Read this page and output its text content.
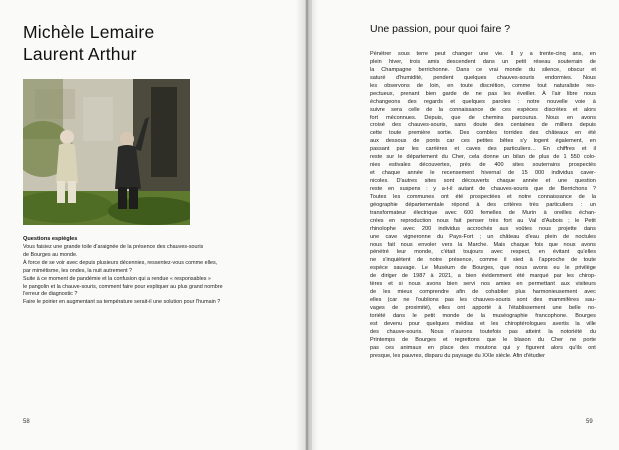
Michèle Lemaire
Laurent Arthur
Questions espiègles
Vous faisiez une grande toile d'araignée de la présence des chauves-souris
de Bourges au monde.
À force de se voir avec depuis plusieurs décennies, ressentez-vous comme elles,
par mimétisme, les ondes, la nuit autrement ?
Suite à ce moment de pandémie et la confusion qui a rendue « responsables »
le pangolin et la chauve-souris, comment faire pour expliquer au plus grand nombre
l'erreur de diagnostic ?
Faire le poirier en augmentant sa température serait-il une solution pour l'humain ?
58
Une passion, pour quoi faire ?
Pénétrer sous terre peut changer une vie. Il y a trente-cinq ans, en
plein hiver, trois amis descendent dans un petit réseau souterrain de
la Champagne berrichonne. Dans ce vrai monde du silence, obscur et
saturé d'humidité, pendent quelques chauves-souris endormies. Nous
les observons de loin, en toute discrétion, comme tout naturaliste res-
pectueux, prenant bien garde de ne pas les éveiller. À l'air libre nous
échangeons des regards et quelques paroles : notre nouvelle voie à
suivre sera celle de la connaissance de ces espèces discrètes et alors
fort méconnues. Depuis, que de chemins parcourus. Nous en avons
croisé des chauves-souris, sans doute des centaines de milliers depuis
cette toute première sortie. Des combles torrides des châteaux en été
aux dessous de ponts car ces petites bêtes s'y logent également, en
passant par les carrières et caves des particuliers… En chiffres et il
reste sur le département du Cher, cela donne un bilan de plus de 1 550 colo-
nies estivales découvertes, près de 400 sites souterrains prospectés
et chaque année le recensement hivernal de 15 000 individus caver-
nicoles. D'autres sites sont découverts chaque année et une question
reste en suspens : y a-t-il autant de chauves-souris que de Berrichons ?
Toutes les communes ont été prospectées et notre connaissance de la
géographie départementale répond à des critères très particuliers : un
transformateur électrique avec 600 femelles de Murin à oreilles échan-
crées en reproduction nous fait penser très fort au Val d'Aubois ; le Petit
rhinolophe avec 200 individus accrochés aux voûtes nous projette dans
une cave vigneronne du Pays-Fort ; un château d'eau plein de noctules
nous fait nous envoler vers la Marche. Mais chaque fois que nous avons
pénétré leur monde, c'était toujours avec respect, en évitant qu'elles
ne s'inquiètent de notre présence, comme il sied à l'approche de toute
espèce sauvage. Le Muséum de Bourges, que nous avons eu le privilège
de diriger de 1987 à 2021, a bien évidemment été marqué par les chirop-
tères et si nous avons bien servi nos amies en permettant aux visiteurs
de les mieux comprendre afin de cohabiter plus harmonieusement avec
elles (car ne l'oublions pas les chauves-souris sont des mammifères sau-
vages de proximité), elles ont apporté à l'établissement une belle no-
toriété dans le petit monde de la muséographie francophone. Bourges
est devenu pour quelques médias et les chiroptérologues avertis la ville
des chauve-souris. Nous n'aurons toutefois pas atteint la notoriété du
Printemps de Bourges et regrettons que le blason du Cher ne porte
pas ces animaux en place des moutons qui y figurent alors qu'ils ont
presque, les pauvres, disparu du paysage du XXIe siècle. Afin d'étudier
59
